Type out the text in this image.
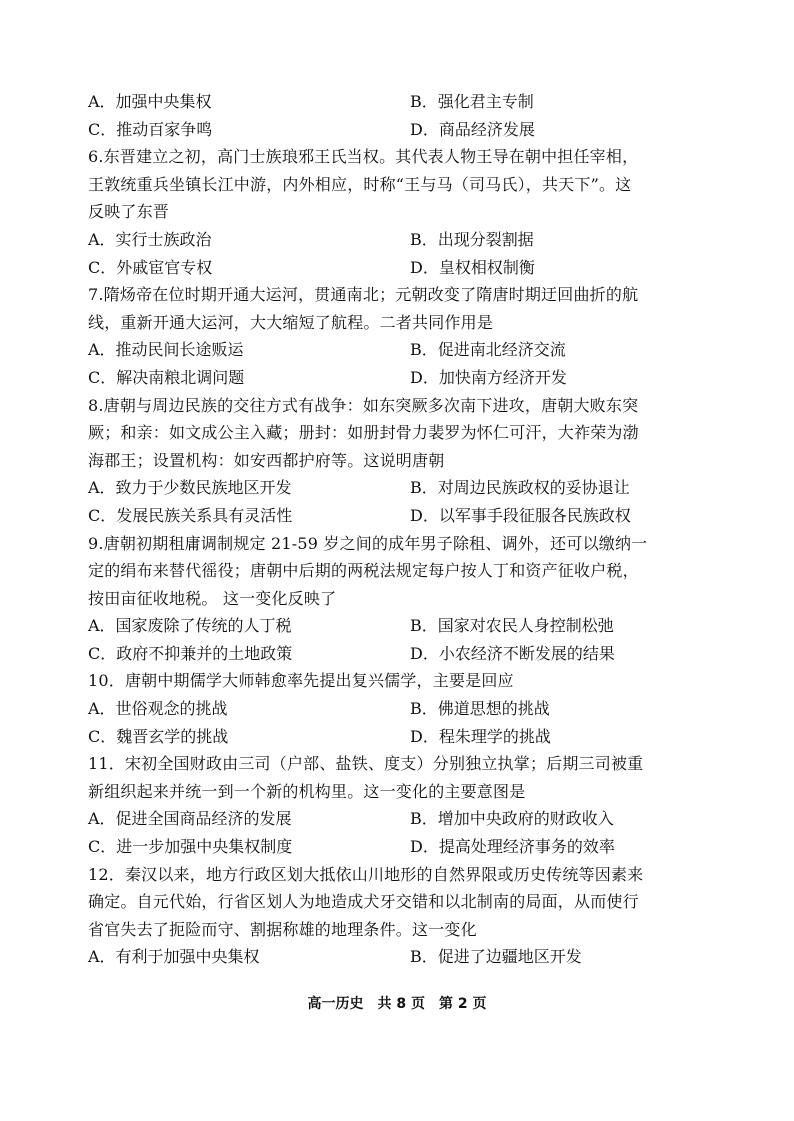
A．加强中央集权	B．强化君主专制
C．推动百家争鸣	D．商品经济发展
6.东晋建立之初，高门士族琅邪王氏当权。其代表人物王导在朝中担任宰相，
王敦统重兵坐镇长江中游，内外相应，时称“王与马（司马氏），共天下”。这
反映了东晋
A．实行士族政治	B．出现分裂割据
C．外戚宦官专权	D．皇权相权制衡
7.隋炀帝在位时期开通大运河，贯通南北；元朝改变了隋唐时期迂回曲折的航
线，重新开通大运河，大大缩短了航程。二者共同作用是
A．推动民间长途贩运	B．促进南北经济交流
C．解决南粮北调问题	D．加快南方经济开发
8.唐朝与周边民族的交往方式有战争：如东突厥多次南下进攻，唐朝大败东突
厥；和亲：如文成公主入藏；册封：如册封骨力裴罗为怀仁可汗，大祚荣为渤
海郡王；设置机构：如安西都护府等。这说明唐朝
A．致力于少数民族地区开发	B．对周边民族政权的妥协退让
C．发展民族关系具有灵活性	D．以军事手段征服各民族政权
9.唐朝初期租庸调制规定 21-59 岁之间的成年男子除租、调外，还可以缴纳一
定的绢布来替代徭役；唐朝中后期的两税法规定每户按人丁和资产征收户税，
按田亩征收地税。 这一变化反映了
A．国家废除了传统的人丁税	B．国家对农民人身控制松弛
C．政府不抑兼并的土地政策	D．小农经济不断发展的结果
10．唐朝中期儒学大师韩愈率先提出复兴儒学，主要是回应
A．世俗观念的挑战	B．佛道思想的挑战
C．魏晋玄学的挑战	D．程朱理学的挑战
11．宋初全国财政由三司（户部、盐铁、度支）分别独立执掌；后期三司被重
新组织起来并统一到一个新的机构里。这一变化的主要意图是
A．促进全国商品经济的发展	B．增加中央政府的财政收入
C．进一步加强中央集权制度	D．提高处理经济事务的效率
12．秦汉以来，地方行政区划大抵依山川地形的自然界限或历史传统等因素来
确定。自元代始，行省区划人为地造成犬牙交错和以北制南的局面，从而使行
省官失去了扼险而守、割据称雄的地理条件。这一变化
A．有利于加强中央集权	B．促进了边疆地区开发
高一历史　共 8 页　第 2 页
